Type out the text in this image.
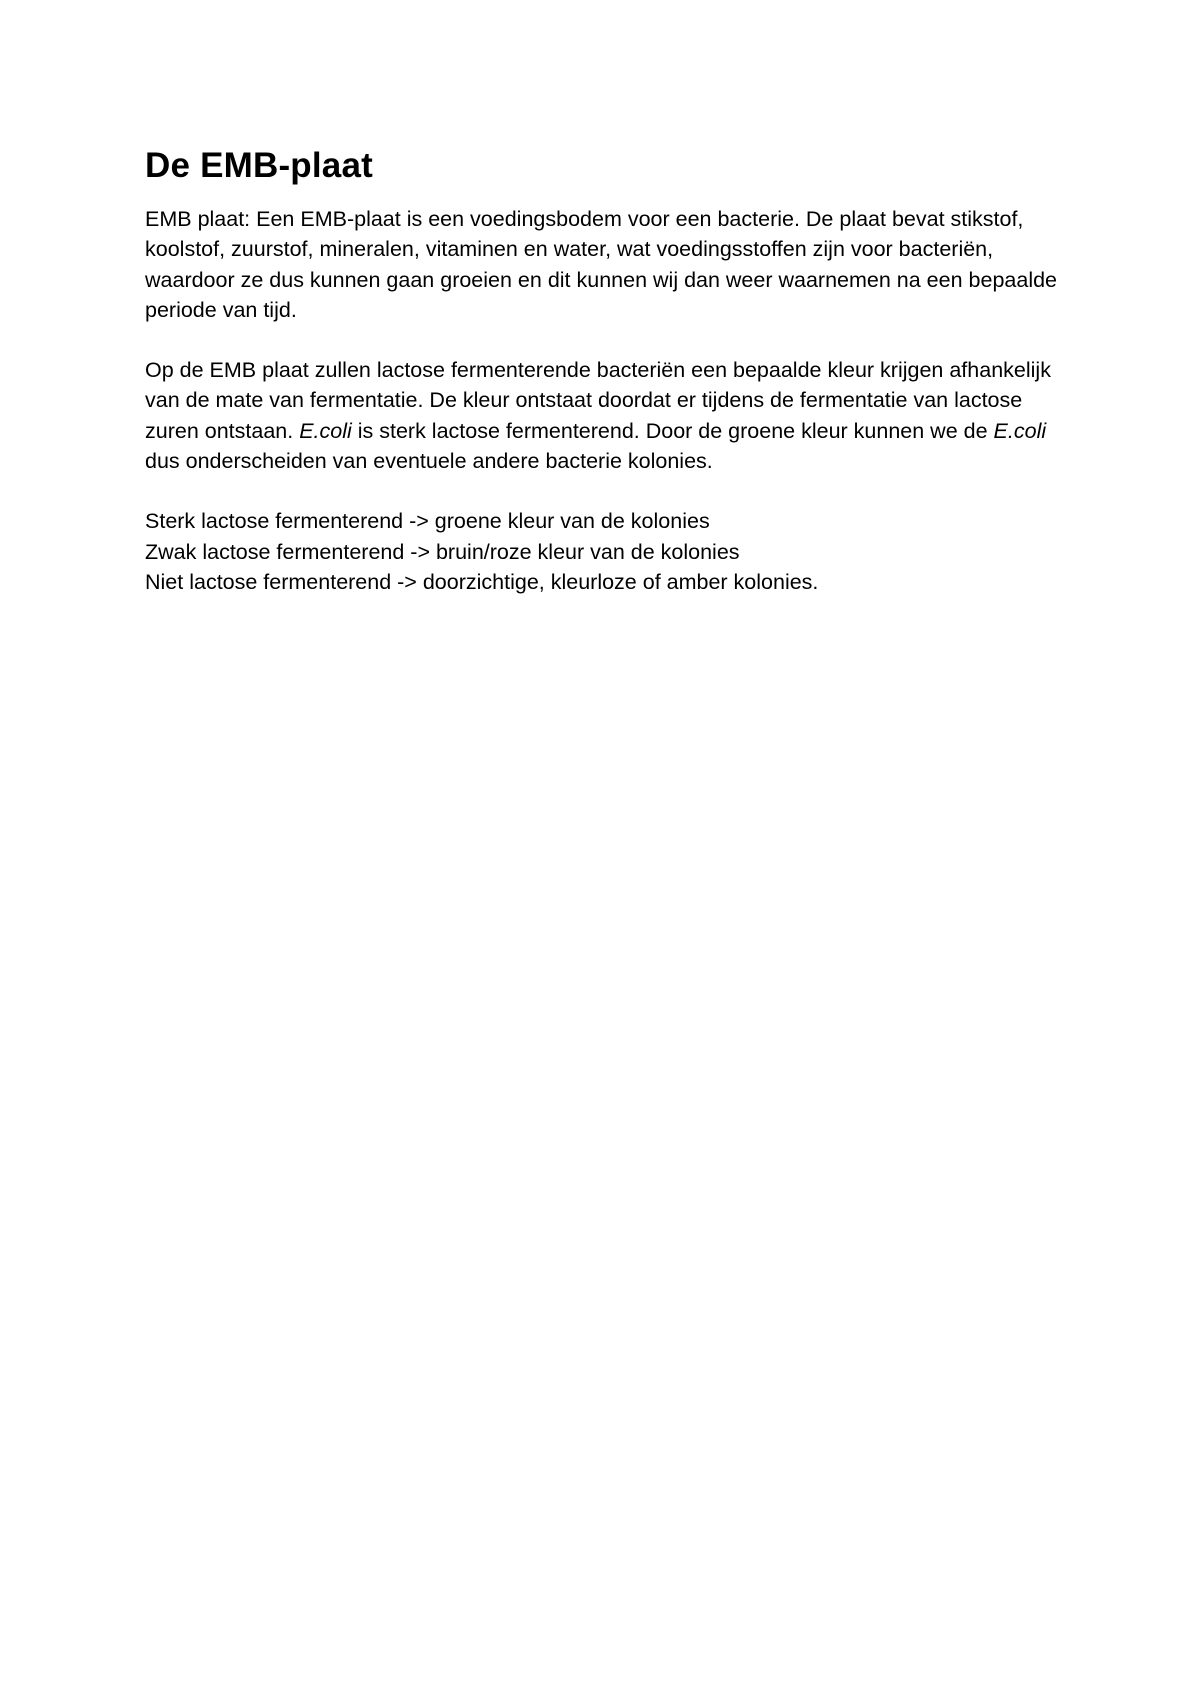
De EMB-plaat

EMB plaat: Een EMB-plaat is een voedingsbodem voor een bacterie. De plaat bevat stikstof, koolstof, zuurstof, mineralen, vitaminen en water, wat voedingsstoffen zijn voor bacteriën, waardoor ze dus kunnen gaan groeien en dit kunnen wij dan weer waarnemen na een bepaalde periode van tijd.

Op de EMB plaat zullen lactose fermenterende bacteriën een bepaalde kleur krijgen afhankelijk van de mate van fermentatie. De kleur ontstaat doordat er tijdens de fermentatie van lactose zuren ontstaan. E.coli is sterk lactose fermenterend. Door de groene kleur kunnen we de E.coli dus onderscheiden van eventuele andere bacterie kolonies.

Sterk lactose fermenterend -> groene kleur van de kolonies
Zwak lactose fermenterend -> bruin/roze kleur van de kolonies
Niet lactose fermenterend -> doorzichtige, kleurloze of amber kolonies.
